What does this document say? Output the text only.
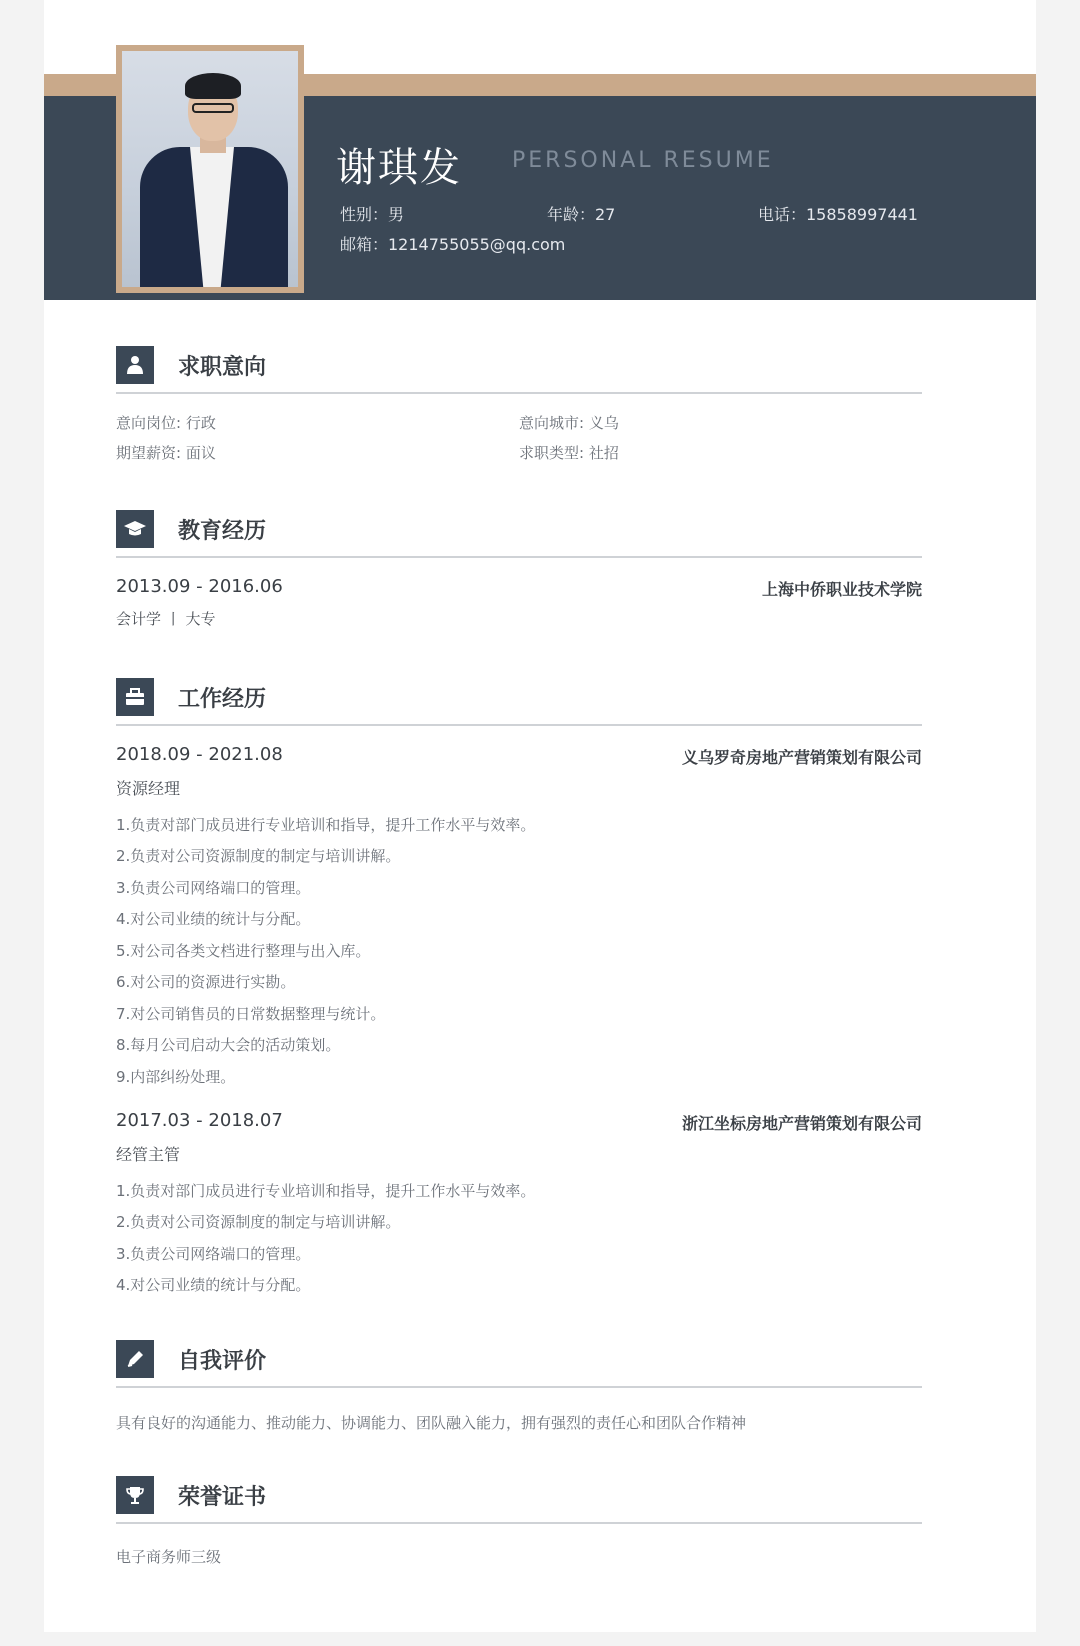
谢琪发 PERSONAL RESUME
性别：男	年龄：27	电话：15858997441
邮箱：1214755055@qq.com
求职意向
意向岗位: 行政	意向城市: 义乌
期望薪资: 面议	求职类型: 社招
教育经历
2013.09 - 2016.06	上海中侨职业技术学院
会计学 丨 大专
工作经历
2018.09 - 2021.08	义乌罗奇房地产营销策划有限公司
资源经理
1.负责对部门成员进行专业培训和指导，提升工作水平与效率。
2.负责对公司资源制度的制定与培训讲解。
3.负责公司网络端口的管理。
4.对公司业绩的统计与分配。
5.对公司各类文档进行整理与出入库。
6.对公司的资源进行实勘。
7.对公司销售员的日常数据整理与统计。
8.每月公司启动大会的活动策划。
9.内部纠纷处理。
2017.03 - 2018.07	浙江坐标房地产营销策划有限公司
经管主管
1.负责对部门成员进行专业培训和指导，提升工作水平与效率。
2.负责对公司资源制度的制定与培训讲解。
3.负责公司网络端口的管理。
4.对公司业绩的统计与分配。
自我评价
具有良好的沟通能力、推动能力、协调能力、团队融入能力，拥有强烈的责任心和团队合作精神
荣誉证书
电子商务师三级
